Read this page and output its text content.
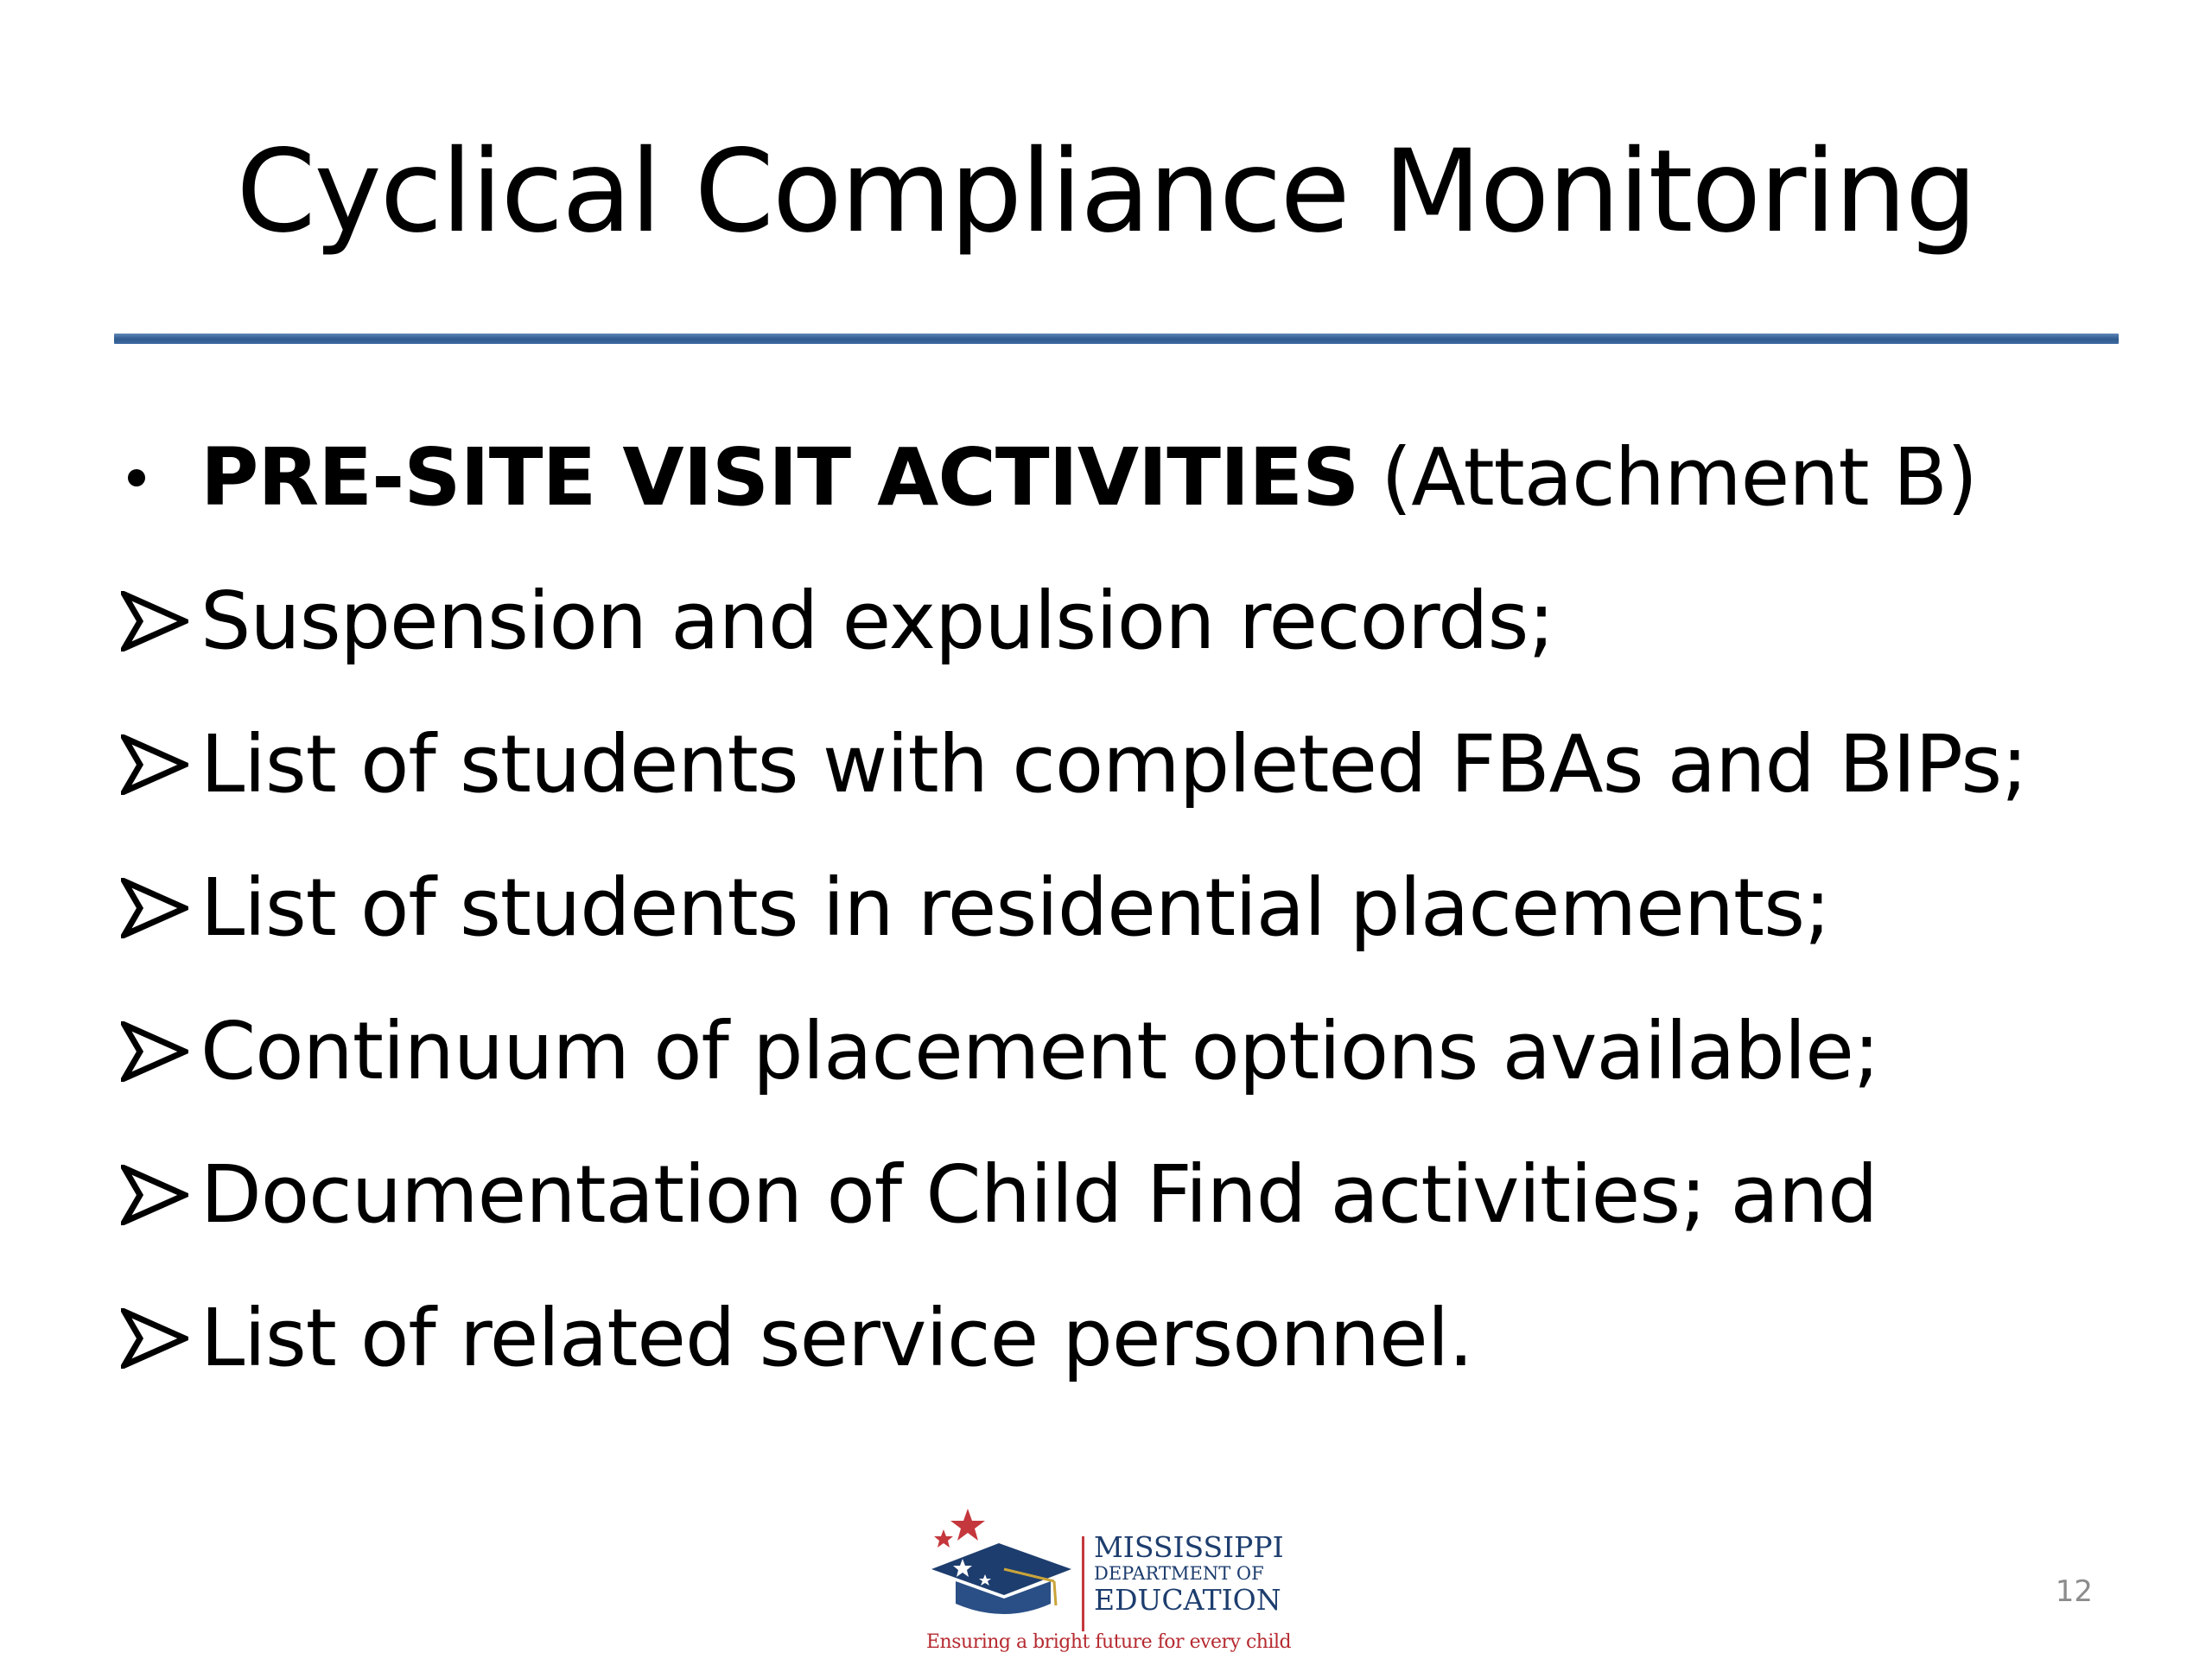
Cyclical Compliance Monitoring
PRE-SITE VISIT ACTIVITIES (Attachment B)
Suspension and expulsion records;
List of students with completed FBAs and BIPs;
List of students in residential placements;
Continuum of placement options available;
Documentation of Child Find activities; and
List of related service personnel.
MISSISSIPPI
DEPARTMENT OF
EDUCATION
Ensuring a bright future for every child
12
